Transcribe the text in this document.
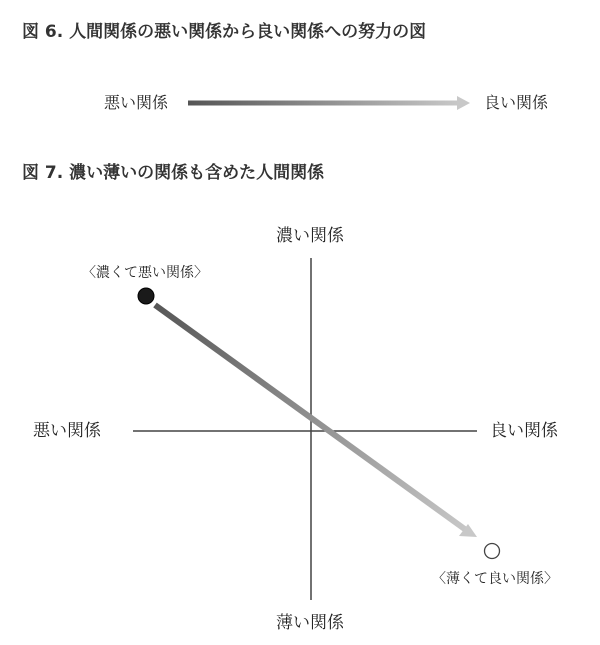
図 6. 人間関係の悪い関係から良い関係への努力の図
悪い関係	良い関係
図 7. 濃い薄いの関係も含めた人間関係
濃い関係
薄い関係
悪い関係	良い関係
〈濃くて悪い関係〉
〈薄くて良い関係〉
